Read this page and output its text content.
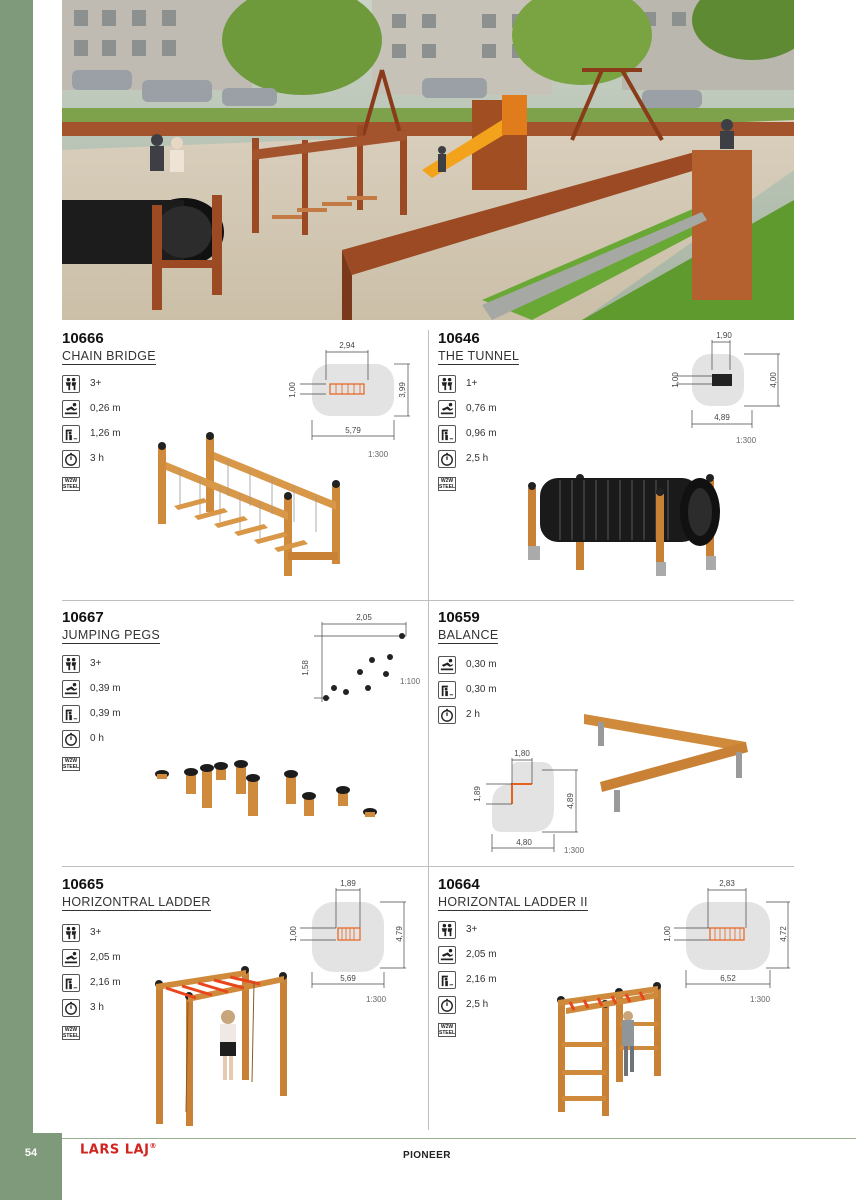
54	LARS LAJ®
PIONEER
10666
CHAIN BRIDGE
3+
0,26 m
1,26 m
3 h
W2W
STEEL
2,94
5,79
1,00	3,99
1:300
10646
THE TUNNEL
1+
0,76 m
0,96 m
2,5 h
W2W
STEEL
1,90
4,89
1,00	4,00
1:300
10667
JUMPING PEGS
3+
0,39 m
0,39 m
0 h
W2W
STEEL
2,05
1,58
1:100
10659
BALANCE
0,30 m
0,30 m
2 h
1,80
4,80
1,89	4,89
1:300
10665
HORIZONTRAL LADDER
3+
2,05 m
2,16 m
3 h
W2W
STEEL
1,89
5,69
1,00	4,79
1:300
10664
HORIZONTAL LADDER II
3+
2,05 m
2,16 m
2,5 h
W2W
STEEL
2,83
6,52
1,00	4,72
1:300
